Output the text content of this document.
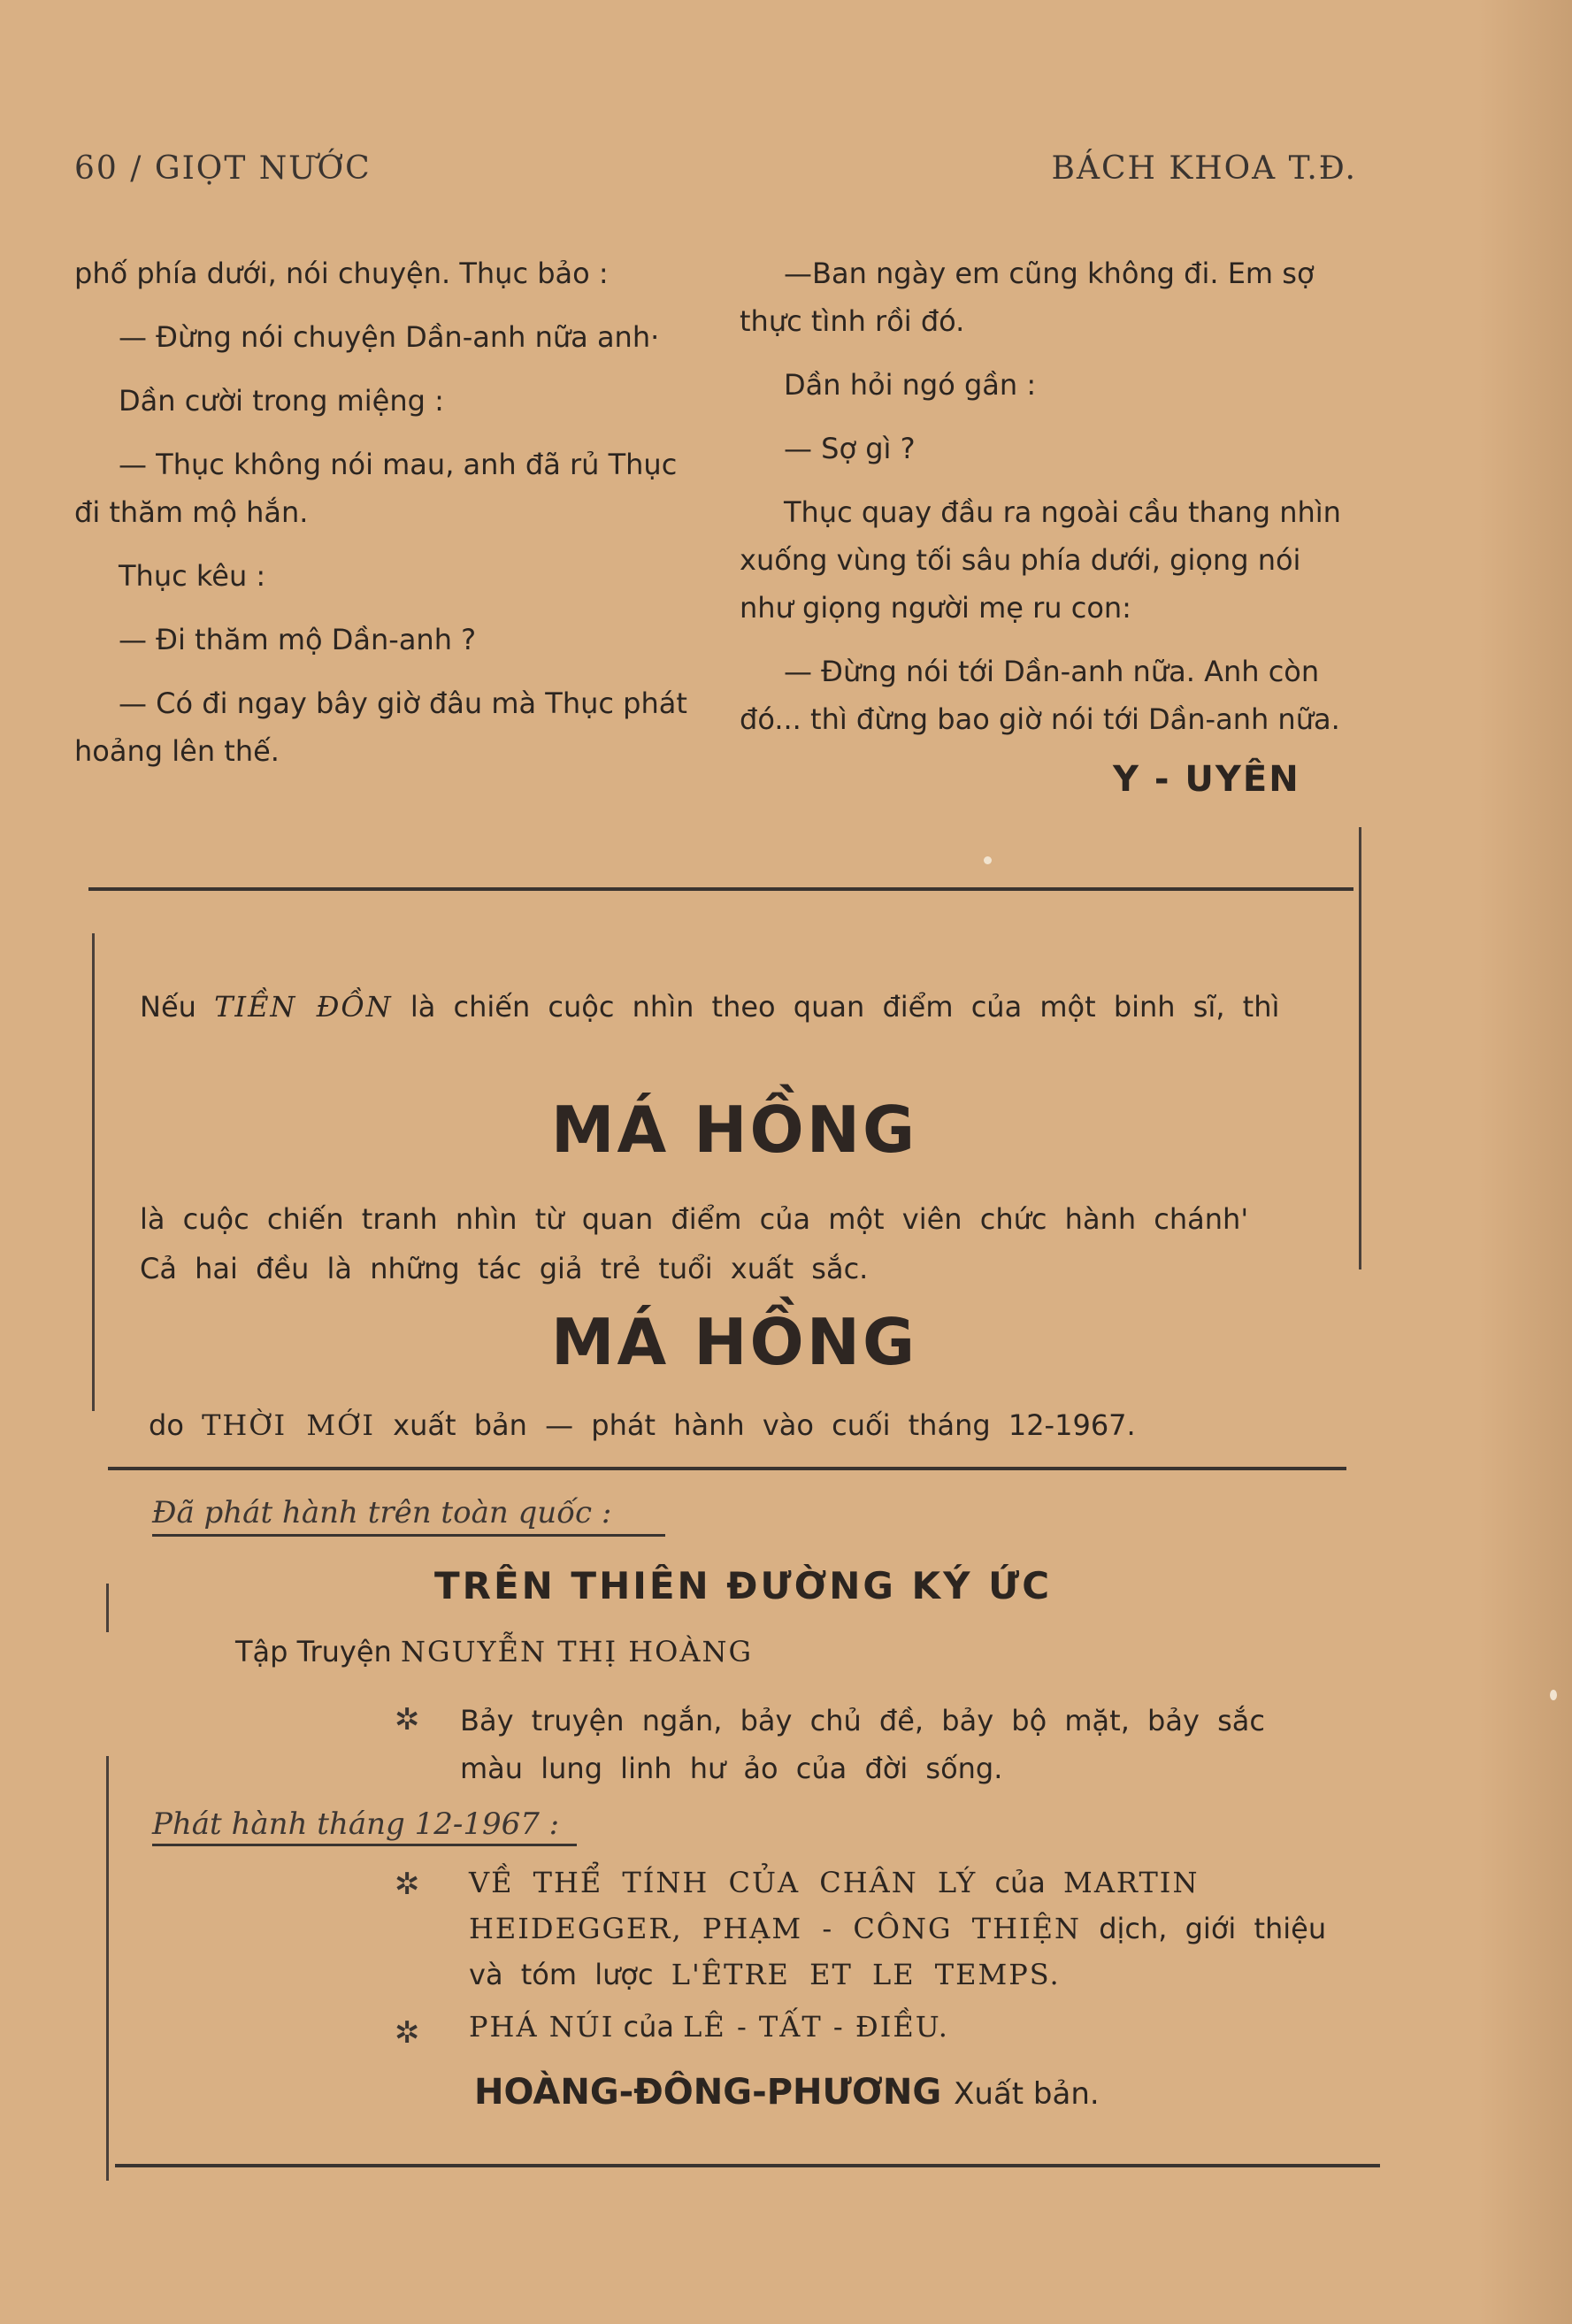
60 / GIỌT NƯỚC	BÁCH KHOA T.Đ.

phố phía dưới, nói chuyện. Thục bảo :

— Đừng nói chuyện Dần-anh nữa anh·

Dần cười trong miệng :

— Thục không nói mau, anh đã rủ Thục đi thăm mộ hắn.

Thục kêu :

— Đi thăm mộ Dần-anh ?

— Có đi ngay bây giờ đâu mà Thục phát hoảng lên thế.

—Ban ngày em cũng không đi. Em sợ thực tình rồi đó.

Dần hỏi ngó gần :

— Sợ gì ?

Thục quay đầu ra ngoài cầu thang nhìn xuống vùng tối sâu phía dưới, giọng nói như giọng người mẹ ru con:

— Đừng nói tới Dần-anh nữa. Anh còn đó... thì đừng bao giờ nói tới Dần-anh nữa.

Y - UYÊN
Nếu TIỀN ĐỒN là chiến cuộc nhìn theo quan điểm của một binh sĩ, thì
MÁ HỒNG
là cuộc chiến tranh nhìn từ quan điểm của một viên chức hành chánh'
Cả hai đều là những tác giả trẻ tuổi xuất sắc.
MÁ HỒNG
do THỜI MỚI xuất bản — phát hành vào cuối tháng 12-1967.
Đã phát hành trên toàn quốc :
TRÊN THIÊN ĐƯỜNG KÝ ỨC
Tập Truyện NGUYỄN THỊ HOÀNG
✲ Bảy truyện ngắn, bảy chủ đề, bảy bộ mặt, bảy sắc màu lung linh hư ảo của đời sống.
Phát hành tháng 12-1967 :
✲ VỀ THỂ TÍNH CỦA CHÂN LÝ của MARTIN HEIDEGGER, PHẠM - CÔNG THIỆN dịch, giới thiệu và tóm lược L'ÊTRE ET LE TEMPS.
✲ PHÁ NÚI của LÊ - TẤT - ĐIỀU.
HOÀNG-ĐÔNG-PHƯƠNG Xuất bản.
